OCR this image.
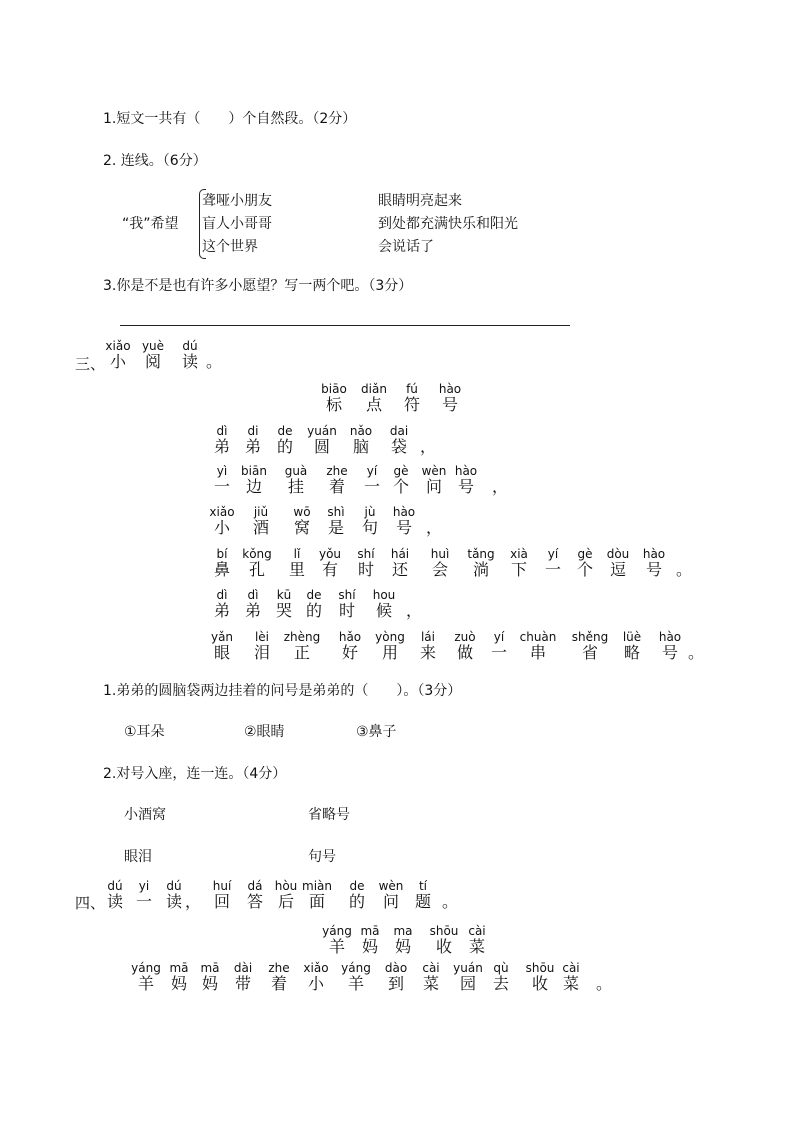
1.短文一共有（　　）个自然段。（2分）
2. 连线。（6分）
“我”希望
聋哑小朋友
盲人小哥哥
这个世界
眼睛明亮起来
到处都充满快乐和阳光
会说话了
3.你是不是也有许多小愿望？写一两个吧。（3分）
三、
xiǎo
小
yuè
阅
dú
读
。
biāo
标
diǎn
点
fú
符
hào
号
dì
弟
di
弟
de
的
yuán
圆
nǎo
脑
dai
袋
，
yì
一
biān
边
guà
挂
zhe
着
yí
一
gè
个
wèn
问
hào
号
，
xiǎo
小
jiǔ
酒
wō
窝
shì
是
jù
句
hào
号
，
bí
鼻
kǒng
孔
lǐ
里
yǒu
有
shí
时
hái
还
huì
会
tǎng
淌
xià
下
yí
一
gè
个
dòu
逗
hào
号
。
dì
弟
dì
弟
kū
哭
de
的
shí
时
hou
候
，
yǎn
眼
lèi
泪
zhèng
正
hǎo
好
yòng
用
lái
来
zuò
做
yí
一
chuàn
串
shěng
省
lüè
略
hào
号
。
1.弟弟的圆脑袋两边挂着的问号是弟弟的（　　）。（3分）
①耳朵	②眼睛	③鼻子
2.对号入座，连一连。（4分）
小酒窝	省略号
眼泪	句号
四、
dú
读
yi
一
dú
读
，
huí
回
dá
答
hòu
后
miàn
面
de
的
wèn
问
tí
题
。
yáng
羊
mā
妈
ma
妈
shōu
收
cài
菜
yáng
羊
mā
妈
mā
妈
dài
带
zhe
着
xiǎo
小
yáng
羊
dào
到
cài
菜
yuán
园
qù
去
shōu
收
cài
菜
。
